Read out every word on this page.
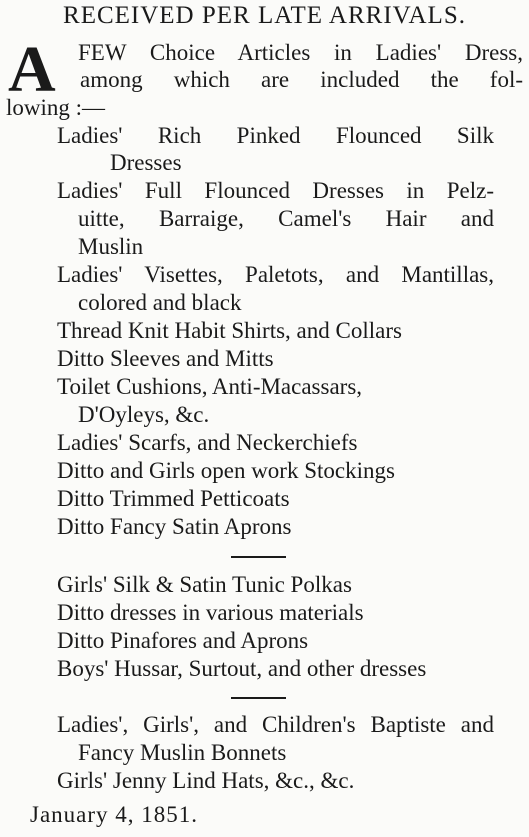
RECEIVED PER LATE ARRIVALS.
A FEW Choice Articles in Ladies' Dress,
among which are included the fol-
lowing :—
Ladies' Rich Pinked Flounced Silk
Dresses
Ladies' Full Flounced Dresses in Pelz-
uitte, Barraige, Camel's Hair and
Muslin
Ladies' Visettes, Paletots, and Mantillas,
colored and black
Thread Knit Habit Shirts, and Collars
Ditto Sleeves and Mitts
Toilet Cushions, Anti-Macassars,
D'Oyleys, &c.
Ladies' Scarfs, and Neckerchiefs
Ditto and Girls open work Stockings
Ditto Trimmed Petticoats
Ditto Fancy Satin Aprons
Girls' Silk & Satin Tunic Polkas
Ditto dresses in various materials
Ditto Pinafores and Aprons
Boys' Hussar, Surtout, and other dresses
Ladies', Girls', and Children's Baptiste and
Fancy Muslin Bonnets
Girls' Jenny Lind Hats, &c., &c.
January 4, 1851.
